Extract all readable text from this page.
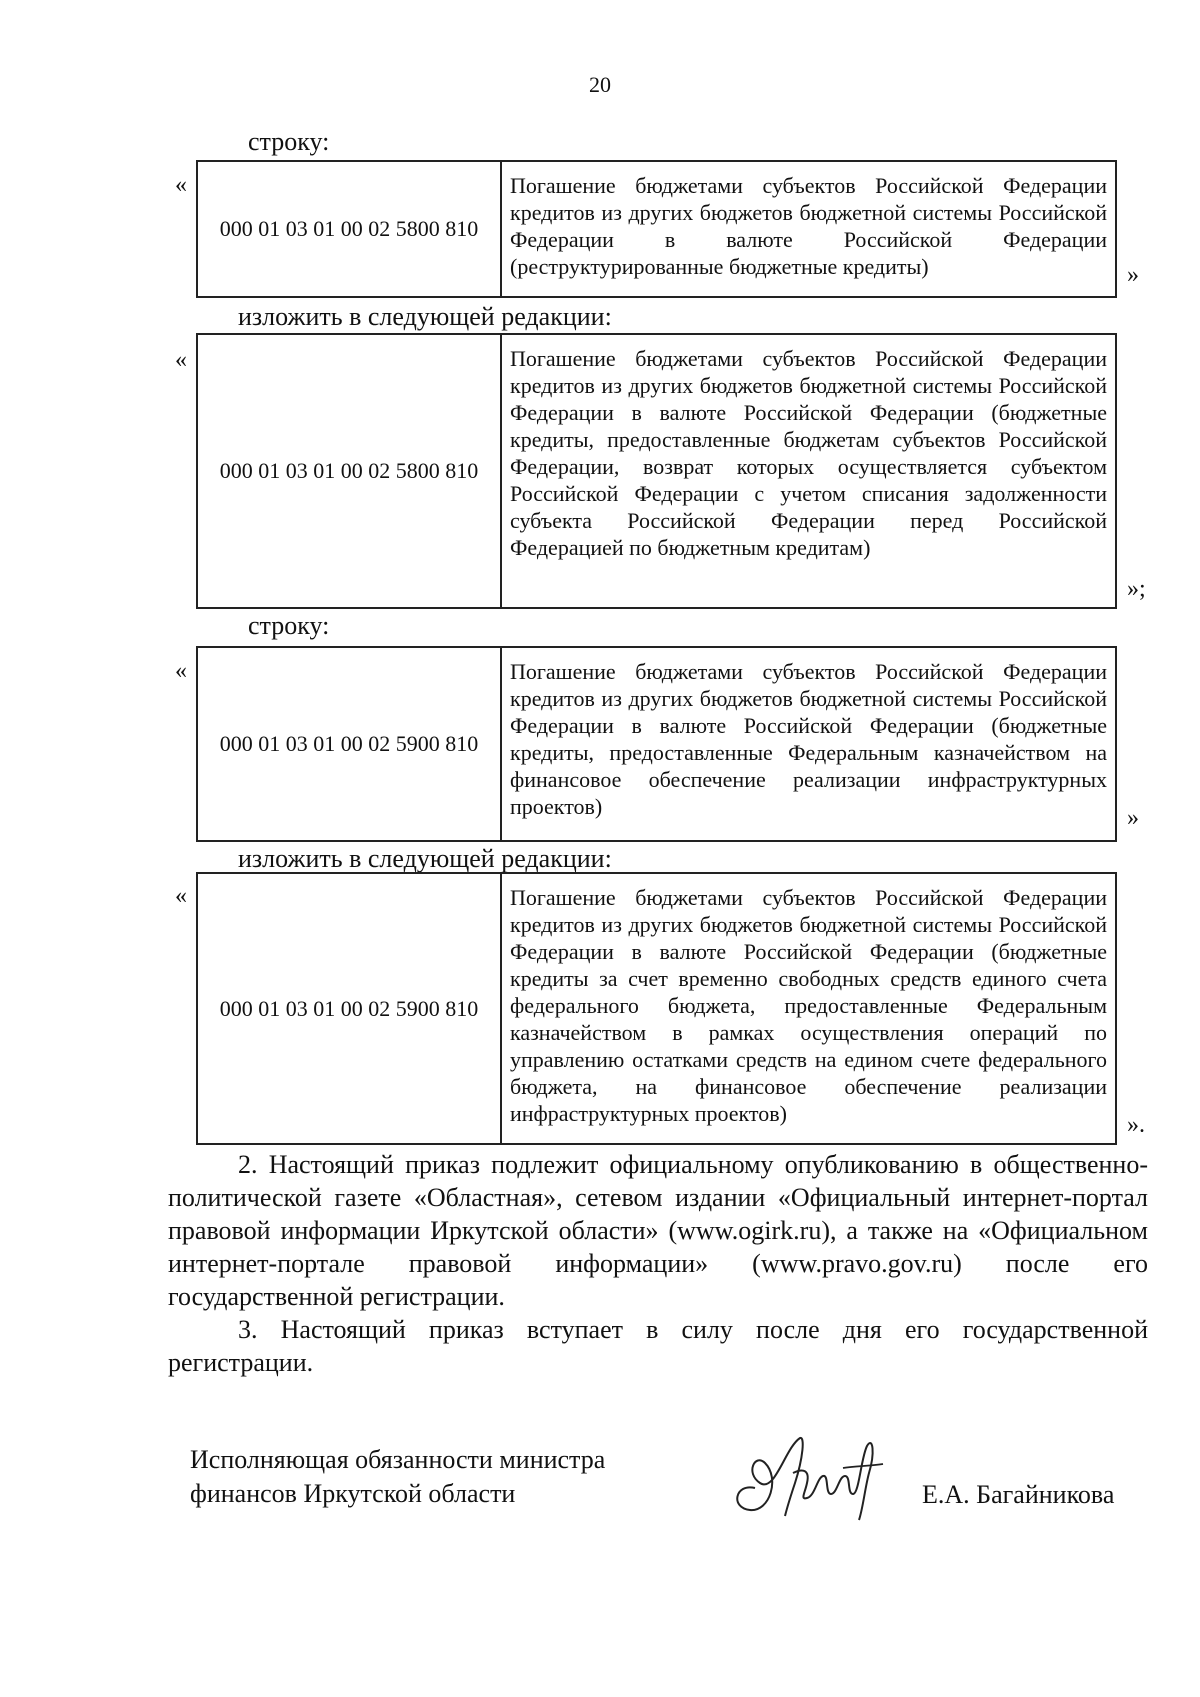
20
строку:
«
000 01 03 01 00 02 5800 810
Погашение бюджетами субъектов Российской Федерации кредитов из других бюджетов бюджетной системы Российской Федерации в валюте Российской Федерации (реструктурированные бюджетные кредиты)	»
изложить в следующей редакции:
«
000 01 03 01 00 02 5800 810
Погашение бюджетами субъектов Российской Федерации кредитов из других бюджетов бюджетной системы Российской Федерации в валюте Российской Федерации (бюджетные кредиты, предоставленные бюджетам субъектов Российской Федерации, возврат которых осуществляется субъектом Российской Федерации с учетом списания задолженности субъекта Российской Федерации перед Российской Федерацией по бюджетным кредитам)
»;
строку:
«
000 01 03 01 00 02 5900 810
Погашение бюджетами субъектов Российской Федерации кредитов из других бюджетов бюджетной системы Российской Федерации в валюте Российской Федерации (бюджетные кредиты, предоставленные Федеральным казначейством на финансовое обеспечение реализации инфраструктурных проектов)	»
изложить в следующей редакции:
«
000 01 03 01 00 02 5900 810
Погашение бюджетами субъектов Российской Федерации кредитов из других бюджетов бюджетной системы Российской Федерации в валюте Российской Федерации (бюджетные кредиты за счет временно свободных средств единого счета федерального бюджета, предоставленные Федеральным казначейством в рамках осуществления операций по управлению остатками средств на едином счете федерального бюджета, на финансовое обеспечение реализации инфраструктурных проектов)	».
2. Настоящий приказ подлежит официальному опубликованию в общественно-политической газете «Областная», сетевом издании «Официальный интернет-портал правовой информации Иркутской области» (www.ogirk.ru), а также на «Официальном интернет-портале правовой информации» (www.pravo.gov.ru) после его государственной регистрации.
3. Настоящий приказ вступает в силу после дня его государственной регистрации.
Исполняющая обязанности министра
финансов Иркутской области	Е.А. Багайникова
